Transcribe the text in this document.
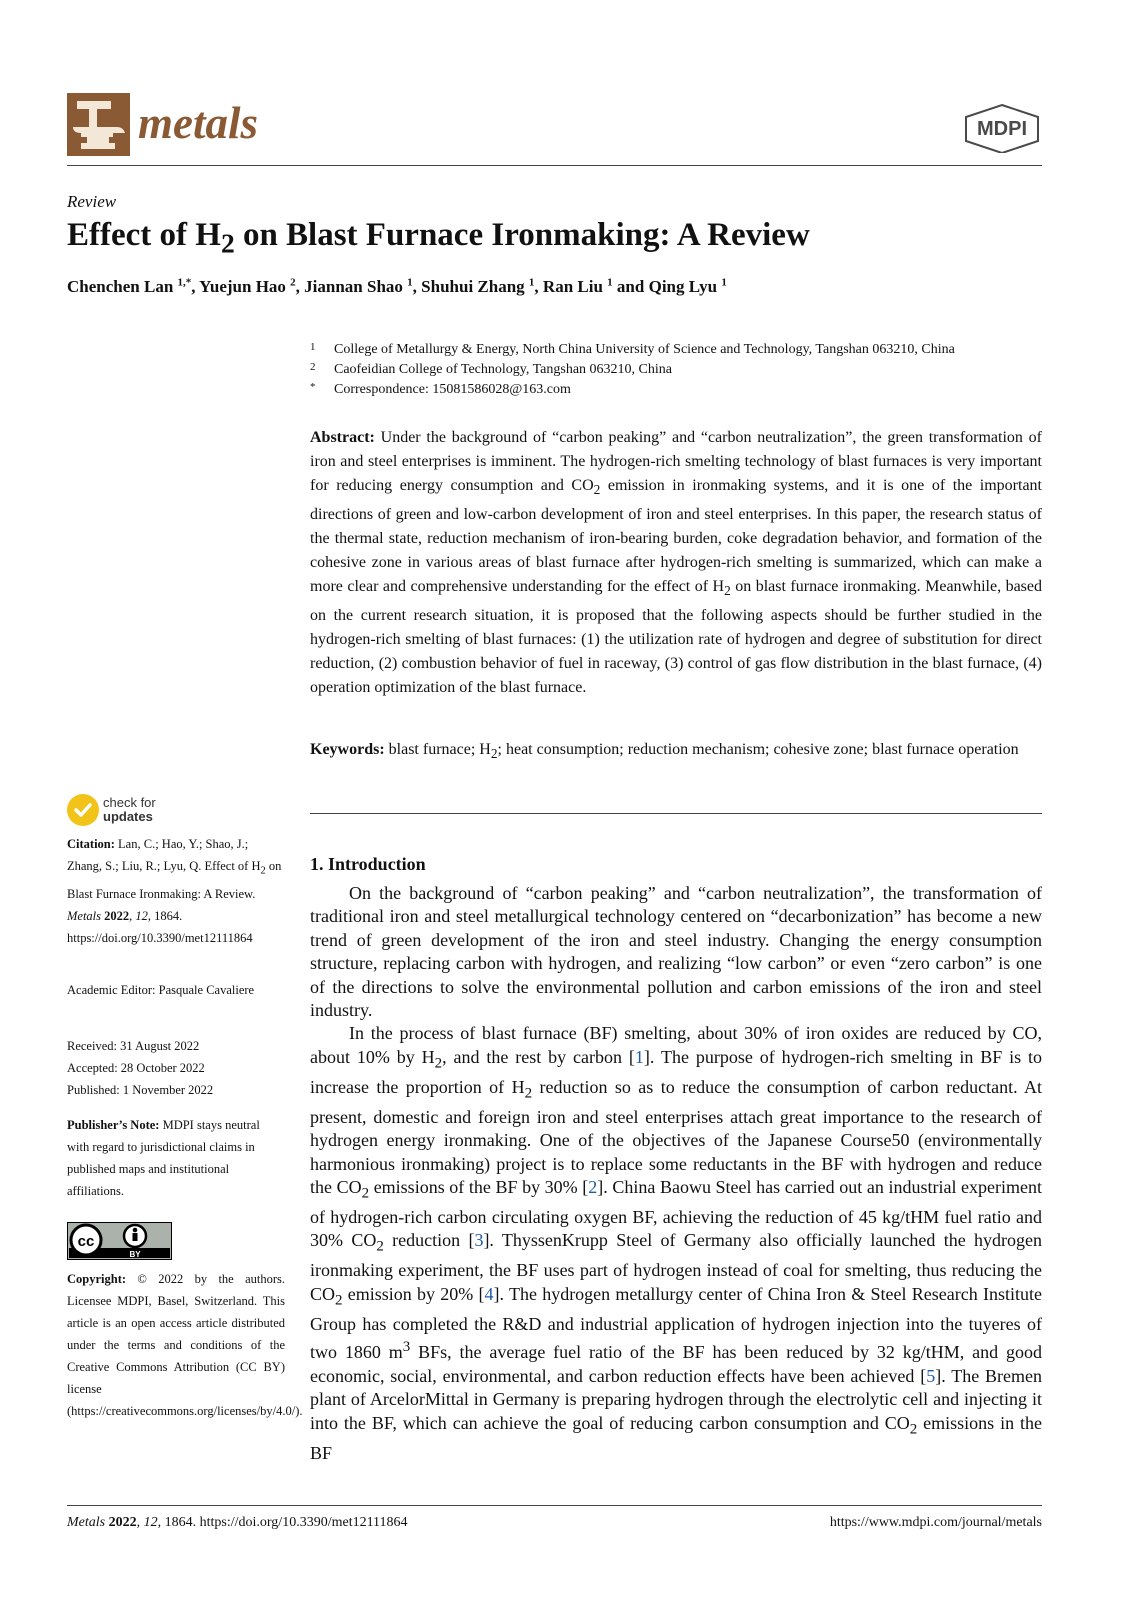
metals	MDPI
Review
Effect of $H_2$ on Blast Furnace Ironmaking: A Review
Chenchen Lan $^{1,*}$, Yuejun Hao $^2$, Jiannan Shao $^1$, Shuhui Zhang $^1$, Ran Liu $^1$ and Qing Lyu $^1$
1 College of Metallurgy & Energy, North China University of Science and Technology, Tangshan 063210, China
2 Caofeidian College of Technology, Tangshan 063210, China
* Correspondence: 15081586028@163.com

Abstract: Under the background of “carbon peaking” and “carbon neutralization”, the green transformation of iron and steel enterprises is imminent. The hydrogen-rich smelting technology of blast furnaces is very important for reducing energy consumption and $CO_2$ emission in ironmaking systems, and it is one of the important directions of green and low-carbon development of iron and steel enterprises. In this paper, the research status of the thermal state, reduction mechanism of iron-bearing burden, coke degradation behavior, and formation of the cohesive zone in various areas of blast furnace after hydrogen-rich smelting is summarized, which can make a more clear and comprehensive understanding for the effect of $H_2$ on blast furnace ironmaking. Meanwhile, based on the current research situation, it is proposed that the following aspects should be further studied in the hydrogen-rich smelting of blast furnaces: (1) the utilization rate of hydrogen and degree of substitution for direct reduction, (2) combustion behavior of fuel in raceway, (3) control of gas flow distribution in the blast furnace, (4) operation optimization of the blast furnace.

Keywords: blast furnace; $H_2$; heat consumption; reduction mechanism; cohesive zone; blast furnace operation

check for
updates
Citation: Lan, C.; Hao, Y.; Shao, J.; Zhang, S.; Liu, R.; Lyu, Q. Effect of $H_2$ on Blast Furnace Ironmaking: A Review. Metals 2022, 12, 1864. https://doi.org/10.3390/met12111864
Academic Editor: Pasquale Cavaliere
Received: 31 August 2022
Accepted: 28 October 2022
Published: 1 November 2022
Publisher’s Note: MDPI stays neutral with regard to jurisdictional claims in published maps and institutional affiliations.
cc
BY
Copyright: © 2022 by the authors. Licensee MDPI, Basel, Switzerland. This article is an open access article distributed under the terms and conditions of the Creative Commons Attribution (CC BY) license (https://creativecommons.org/licenses/by/4.0/).
1. Introduction

On the background of “carbon peaking” and “carbon neutralization”, the transformation of traditional iron and steel metallurgical technology centered on “decarbonization” has become a new trend of green development of the iron and steel industry. Changing the energy consumption structure, replacing carbon with hydrogen, and realizing “low carbon” or even “zero carbon” is one of the directions to solve the environmental pollution and carbon emissions of the iron and steel industry.

In the process of blast furnace (BF) smelting, about 30% of iron oxides are reduced by CO, about 10% by $H_2$, and the rest by carbon [1]. The purpose of hydrogen-rich smelting in BF is to increase the proportion of $H_2$ reduction so as to reduce the consumption of carbon reductant. At present, domestic and foreign iron and steel enterprises attach great importance to the research of hydrogen energy ironmaking. One of the objectives of the Japanese Course50 (environmentally harmonious ironmaking) project is to replace some reductants in the BF with hydrogen and reduce the $CO_2$ emissions of the BF by 30% [2]. China Baowu Steel has carried out an industrial experiment of hydrogen-rich carbon circulating oxygen BF, achieving the reduction of 45 kg/tHM fuel ratio and 30% $CO_2$ reduction [3]. ThyssenKrupp Steel of Germany also officially launched the hydrogen ironmaking experiment, the BF uses part of hydrogen instead of coal for smelting, thus reducing the $CO_2$ emission by 20% [4]. The hydrogen metallurgy center of China Iron & Steel Research Institute Group has completed the R&D and industrial application of hydrogen injection into the tuyeres of two 1860 $m^3$ BFs, the average fuel ratio of the BF has been reduced by 32 kg/tHM, and good economic, social, environmental, and carbon reduction effects have been achieved [5]. The Bremen plant of ArcelorMittal in Germany is preparing hydrogen through the electrolytic cell and injecting it into the BF, which can achieve the goal of reducing carbon consumption and $CO_2$ emissions in the BF

Metals 2022, 12, 1864. https://doi.org/10.3390/met12111864	https://www.mdpi.com/journal/metals
